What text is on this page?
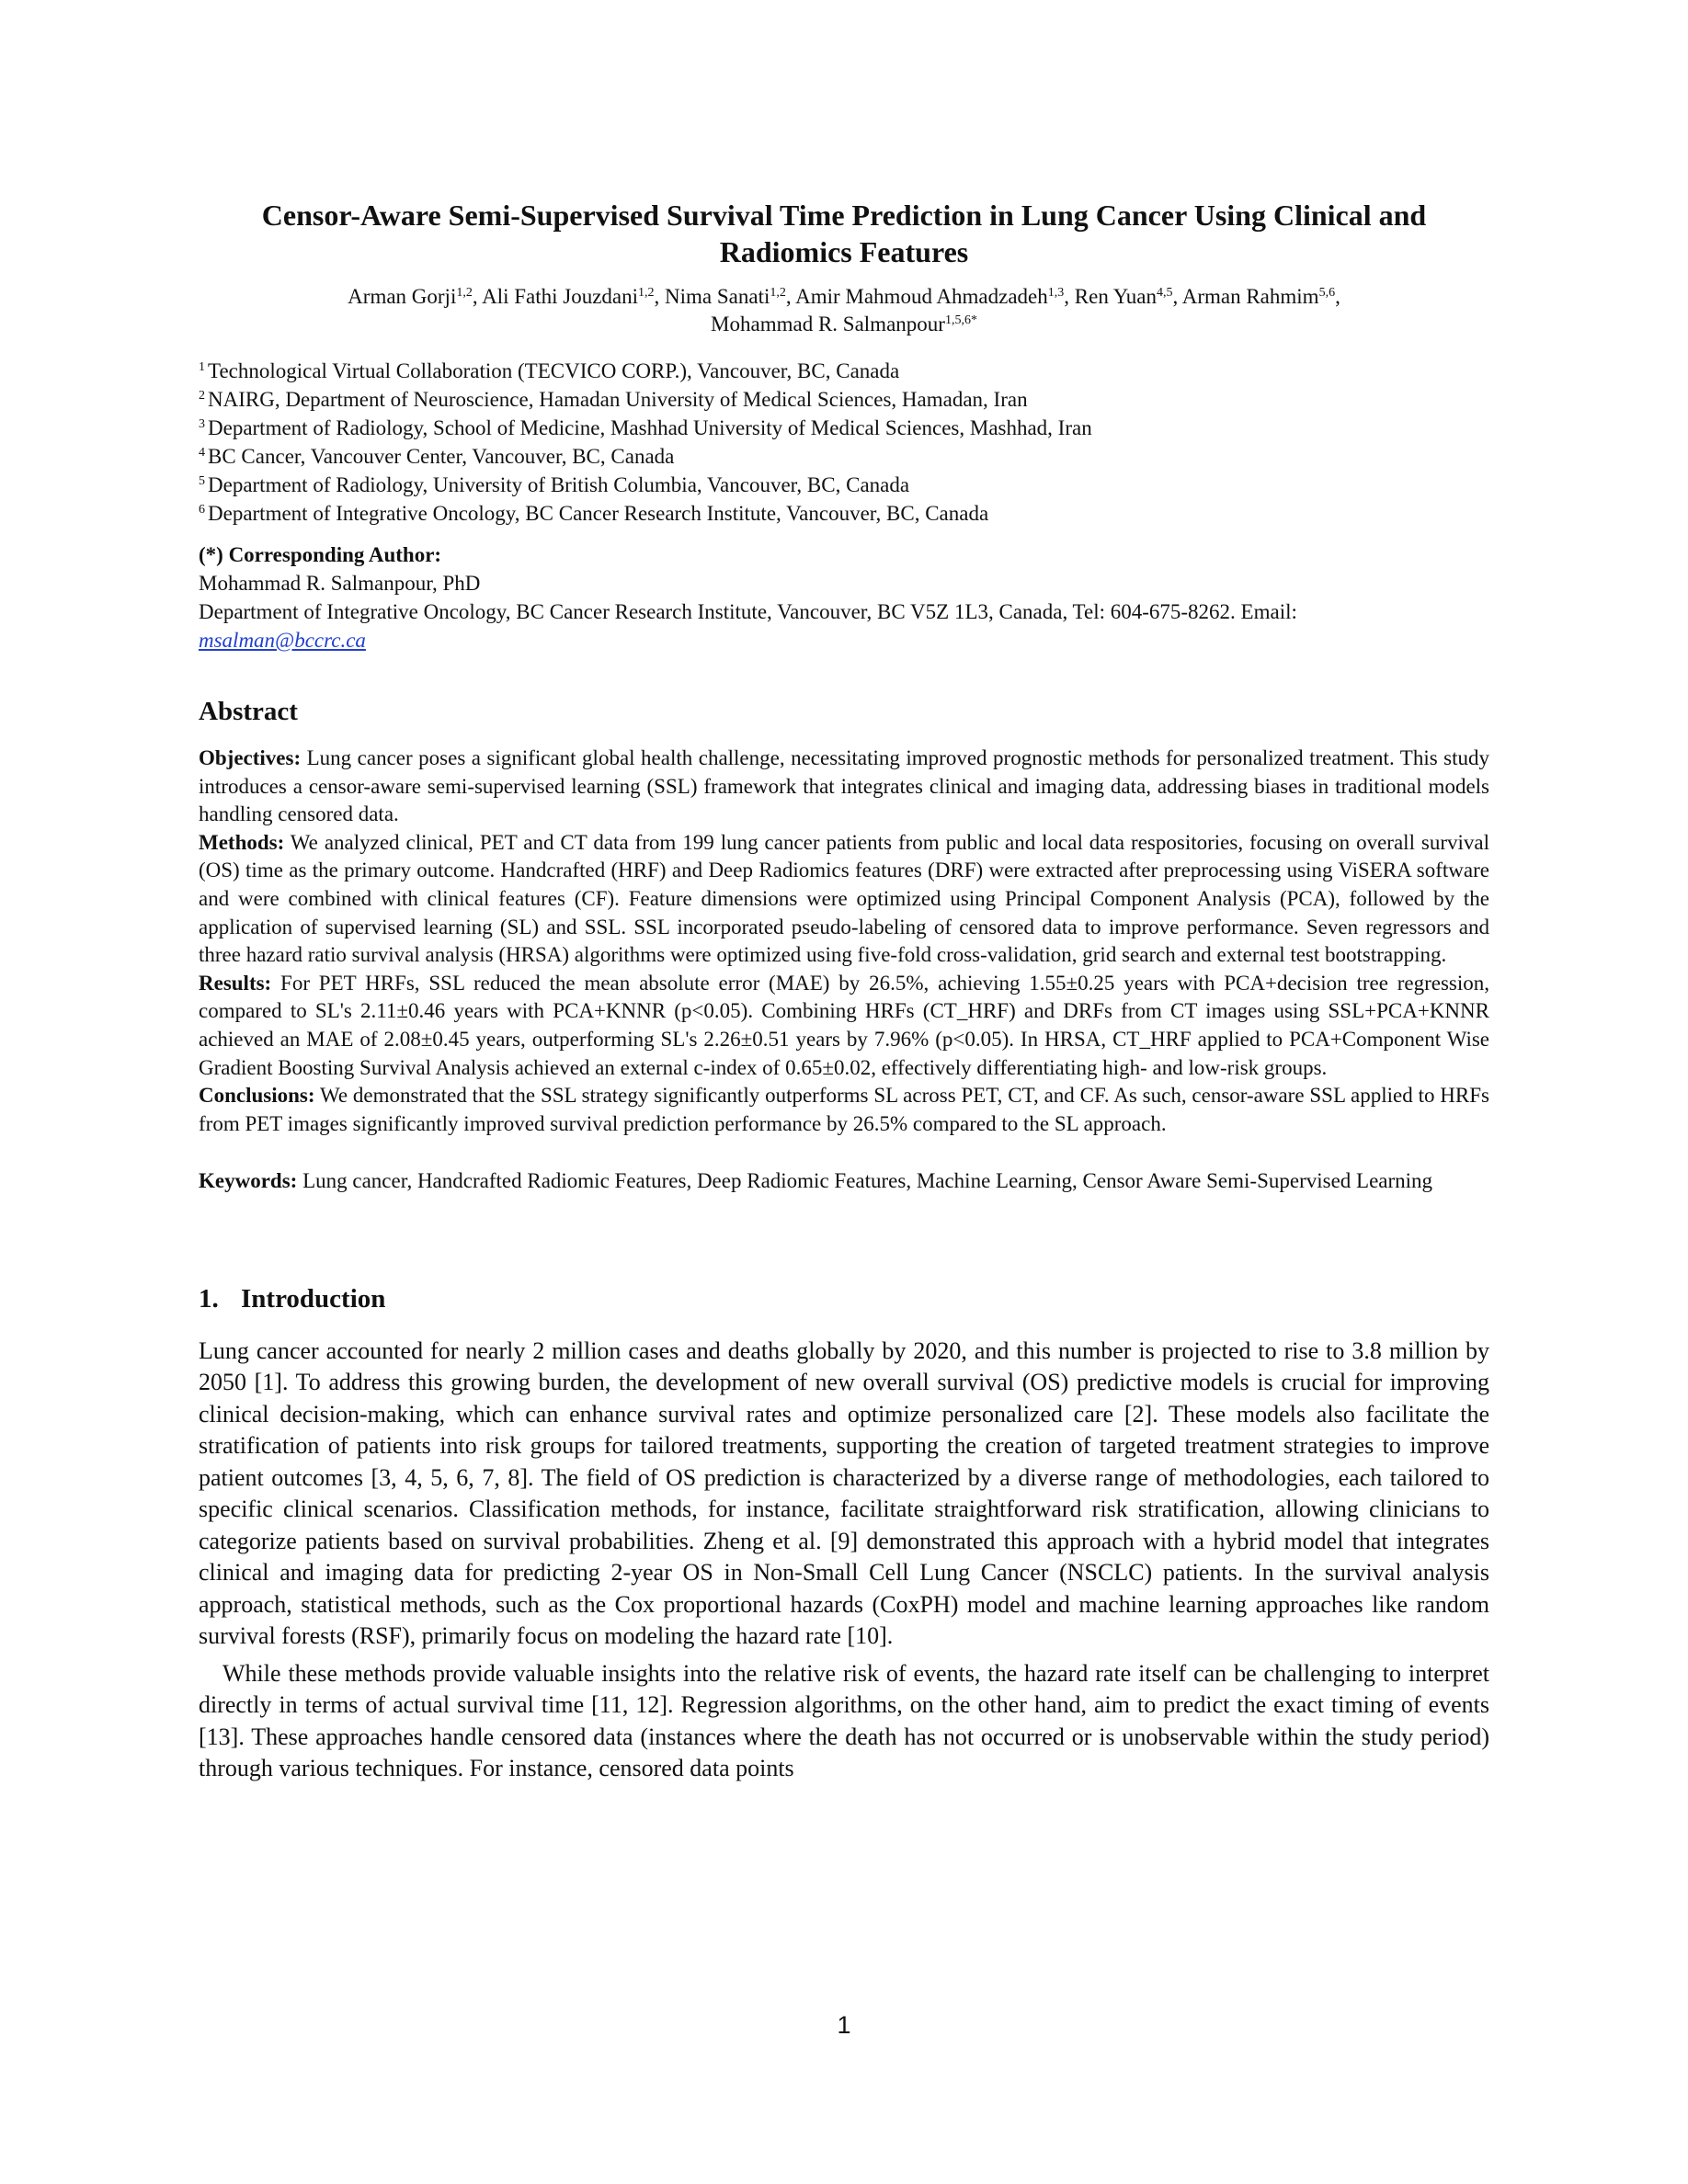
Censor-Aware Semi-Supervised Survival Time Prediction in Lung Cancer Using Clinical and Radiomics Features
Arman Gorji$^{1,2}$, Ali Fathi Jouzdani$^{1,2}$, Nima Sanati$^{1,2}$, Amir Mahmoud Ahmadzadeh$^{1,3}$, Ren Yuan$^{4,5}$, Arman Rahmim$^{5,6}$,
Mohammad R. Salmanpour$^{1,5,6*}$
$^1$ Technological Virtual Collaboration (TECVICO CORP.), Vancouver, BC, Canada
$^2$ NAIRG, Department of Neuroscience, Hamadan University of Medical Sciences, Hamadan, Iran
$^3$ Department of Radiology, School of Medicine, Mashhad University of Medical Sciences, Mashhad, Iran
$^4$ BC Cancer, Vancouver Center, Vancouver, BC, Canada
$^5$ Department of Radiology, University of British Columbia, Vancouver, BC, Canada
$^6$ Department of Integrative Oncology, BC Cancer Research Institute, Vancouver, BC, Canada
(*) Corresponding Author:
Mohammad R. Salmanpour, PhD
Department of Integrative Oncology, BC Cancer Research Institute, Vancouver, BC V5Z 1L3, Canada, Tel: 604-675-8262. Email:
msalman@bccrc.ca
Abstract

Objectives: Lung cancer poses a significant global health challenge, necessitating improved prognostic methods for personalized treatment. This study introduces a censor-aware semi-supervised learning (SSL) framework that integrates clinical and imaging data, addressing biases in traditional models handling censored data.

Methods: We analyzed clinical, PET and CT data from 199 lung cancer patients from public and local data respositories, focusing on overall survival (OS) time as the primary outcome. Handcrafted (HRF) and Deep Radiomics features (DRF) were extracted after preprocessing using ViSERA software and were combined with clinical features (CF). Feature dimensions were optimized using Principal Component Analysis (PCA), followed by the application of supervised learning (SL) and SSL. SSL incorporated pseudo-labeling of censored data to improve performance. Seven regressors and three hazard ratio survival analysis (HRSA) algorithms were optimized using five-fold cross-validation, grid search and external test bootstrapping.

Results: For PET HRFs, SSL reduced the mean absolute error (MAE) by 26.5%, achieving 1.55±0.25 years with PCA+decision tree regression, compared to SL's 2.11±0.46 years with PCA+KNNR (p<0.05). Combining HRFs (CT_HRF) and DRFs from CT images using SSL+PCA+KNNR achieved an MAE of 2.08±0.45 years, outperforming SL's 2.26±0.51 years by 7.96% (p<0.05). In HRSA, CT_HRF applied to PCA+Component Wise Gradient Boosting Survival Analysis achieved an external c-index of 0.65±0.02, effectively differentiating high- and low-risk groups.

Conclusions: We demonstrated that the SSL strategy significantly outperforms SL across PET, CT, and CF. As such, censor-aware SSL applied to HRFs from PET images significantly improved survival prediction performance by 26.5% compared to the SL approach.

Keywords: Lung cancer, Handcrafted Radiomic Features, Deep Radiomic Features, Machine Learning, Censor Aware Semi-Supervised Learning
1. Introduction

Lung cancer accounted for nearly 2 million cases and deaths globally by 2020, and this number is projected to rise to 3.8 million by 2050 [1]. To address this growing burden, the development of new overall survival (OS) predictive models is crucial for improving clinical decision-making, which can enhance survival rates and optimize personalized care [2]. These models also facilitate the stratification of patients into risk groups for tailored treatments, supporting the creation of targeted treatment strategies to improve patient outcomes [3, 4, 5, 6, 7, 8]. The field of OS prediction is characterized by a diverse range of methodologies, each tailored to specific clinical scenarios. Classification methods, for instance, facilitate straightforward risk stratification, allowing clinicians to categorize patients based on survival probabilities. Zheng et al. [9] demonstrated this approach with a hybrid model that integrates clinical and imaging data for predicting 2-year OS in Non-Small Cell Lung Cancer (NSCLC) patients. In the survival analysis approach, statistical methods, such as the Cox proportional hazards (CoxPH) model and machine learning approaches like random survival forests (RSF), primarily focus on modeling the hazard rate [10].

While these methods provide valuable insights into the relative risk of events, the hazard rate itself can be challenging to interpret directly in terms of actual survival time [11, 12]. Regression algorithms, on the other hand, aim to predict the exact timing of events [13]. These approaches handle censored data (instances where the death has not occurred or is unobservable within the study period) through various techniques. For instance, censored data points

1
